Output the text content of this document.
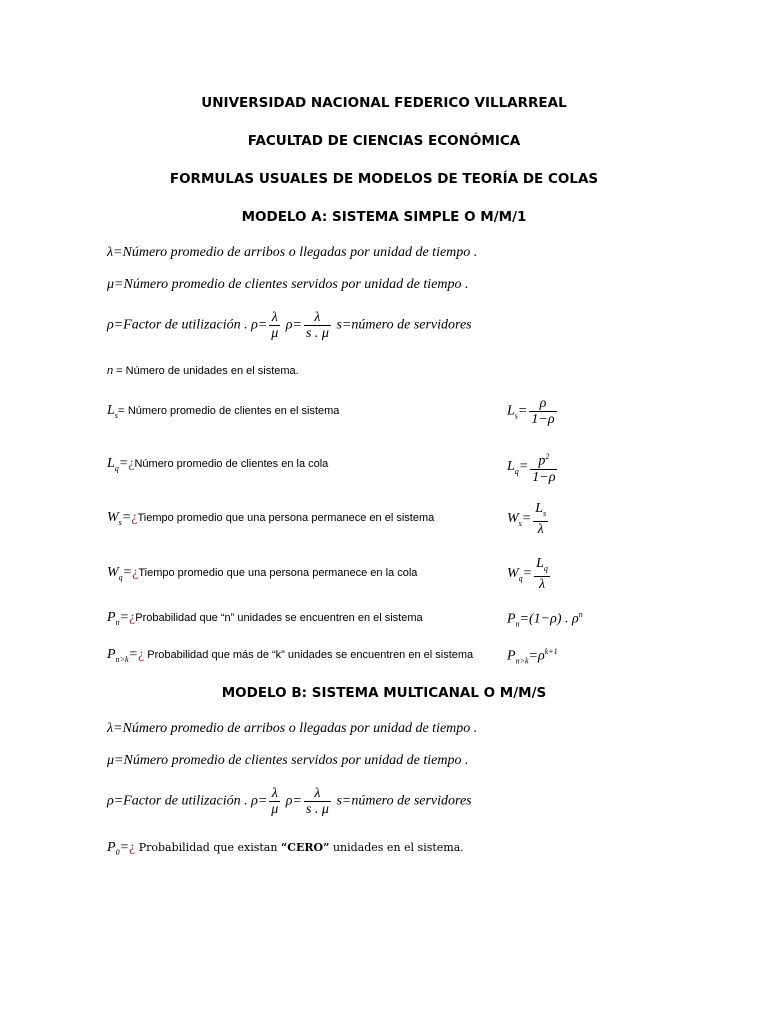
UNIVERSIDAD NACIONAL FEDERICO VILLARREAL
FACULTAD DE CIENCIAS ECONÓMICA
FORMULAS USUALES DE MODELOS DE TEORÍA DE COLAS
MODELO A: SISTEMA SIMPLE O M/M/1
λ=Número promedio de arribos o llegadas por unidad de tiempo .
μ=Número promedio de clientes servidos por unidad de tiempo .
ρ=Factor de utilización . $\rho= \frac{\lambda}{\mu} \rho= \frac{\lambda}{s . \mu}$ s=número de servidores
n = Número de unidades en el sistema.
$L_s=$ Número promedio de clientes en el sistema	$L_s= \frac{\rho}{1-\rho}$
$L_q=¿Número$ promedio de clientes en la cola	$L_q= \frac{p^2}{1-\rho}$
$W_s=¿Tiempo$ promedio que una persona permanece en el sistema	$W_s= \frac{L_s}{\lambda}$
$W_q=¿Tiempo$ promedio que una persona permanece en la cola	$W_q= \frac{L_q}{\lambda}$
$P_n=¿Probabilidad$ que “n” unidades se encuentren en el sistema	$P_n=(1-\rho)$ . $\rho^n$
$P_{n>k}=¿$ Probabilidad que más de “k” unidades se encuentren en el sistema $P_{n>k}=\rho^{k+1}$
MODELO B: SISTEMA MULTICANAL O M/M/S
λ=Número promedio de arribos o llegadas por unidad de tiempo .
μ=Número promedio de clientes servidos por unidad de tiempo .
ρ=Factor de utilización . $\rho= \frac{\lambda}{\mu} \rho= \frac{\lambda}{s . \mu}$ s=número de servidores
$P_0=¿$ Probabilidad que existan “CERO” unidades en el sistema.
